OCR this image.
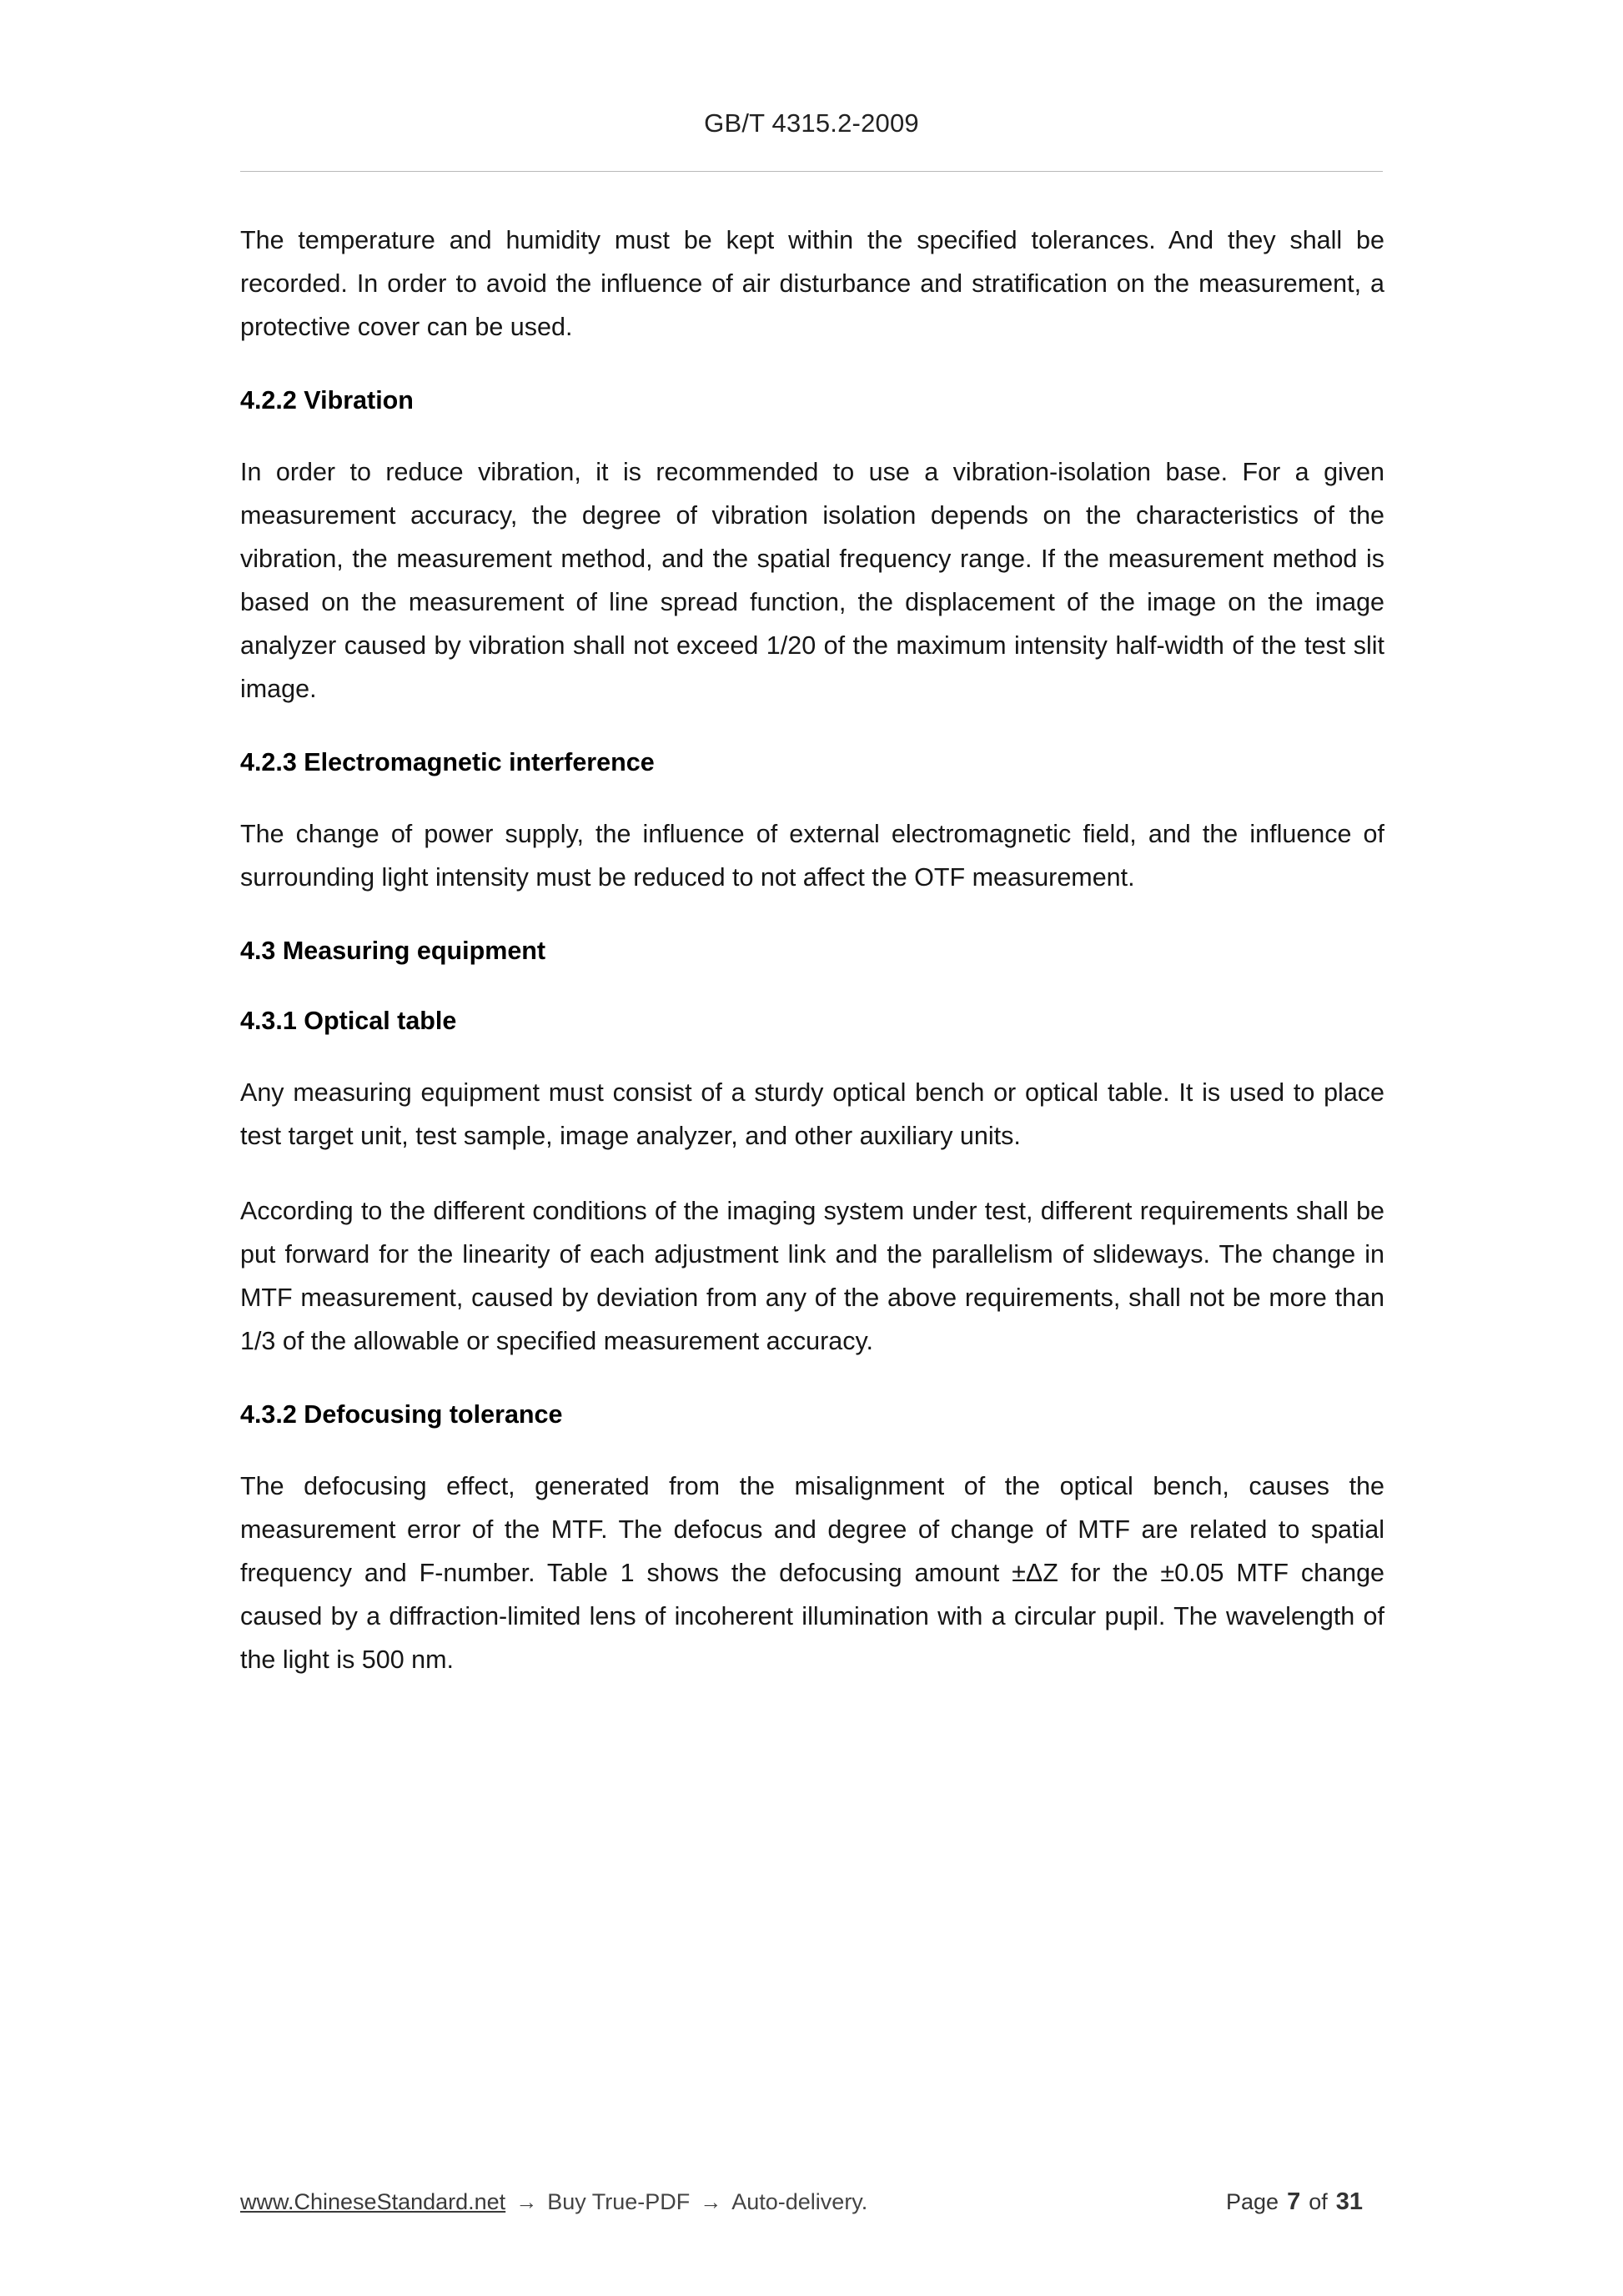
GB/T 4315.2-2009

The temperature and humidity must be kept within the specified tolerances. And they shall be recorded. In order to avoid the influence of air disturbance and stratification on the measurement, a protective cover can be used.

4.2.2 Vibration

In order to reduce vibration, it is recommended to use a vibration-isolation base. For a given measurement accuracy, the degree of vibration isolation depends on the characteristics of the vibration, the measurement method, and the spatial frequency range. If the measurement method is based on the measurement of line spread function, the displacement of the image on the image analyzer caused by vibration shall not exceed 1/20 of the maximum intensity half-width of the test slit image.

4.2.3 Electromagnetic interference

The change of power supply, the influence of external electromagnetic field, and the influence of surrounding light intensity must be reduced to not affect the OTF measurement.

4.3 Measuring equipment
4.3.1 Optical table

Any measuring equipment must consist of a sturdy optical bench or optical table. It is used to place test target unit, test sample, image analyzer, and other auxiliary units.

According to the different conditions of the imaging system under test, different requirements shall be put forward for the linearity of each adjustment link and the parallelism of slideways. The change in MTF measurement, caused by deviation from any of the above requirements, shall not be more than 1/3 of the allowable or specified measurement accuracy.

4.3.2 Defocusing tolerance

The defocusing effect, generated from the misalignment of the optical bench, causes the measurement error of the MTF. The defocus and degree of change of MTF are related to spatial frequency and F-number. Table 1 shows the defocusing amount ±ΔZ for the ±0.05 MTF change caused by a diffraction-limited lens of incoherent illumination with a circular pupil. The wavelength of the light is 500 nm.

www.ChineseStandard.net → Buy True-PDF → Auto-delivery.	Page 7 of 31
